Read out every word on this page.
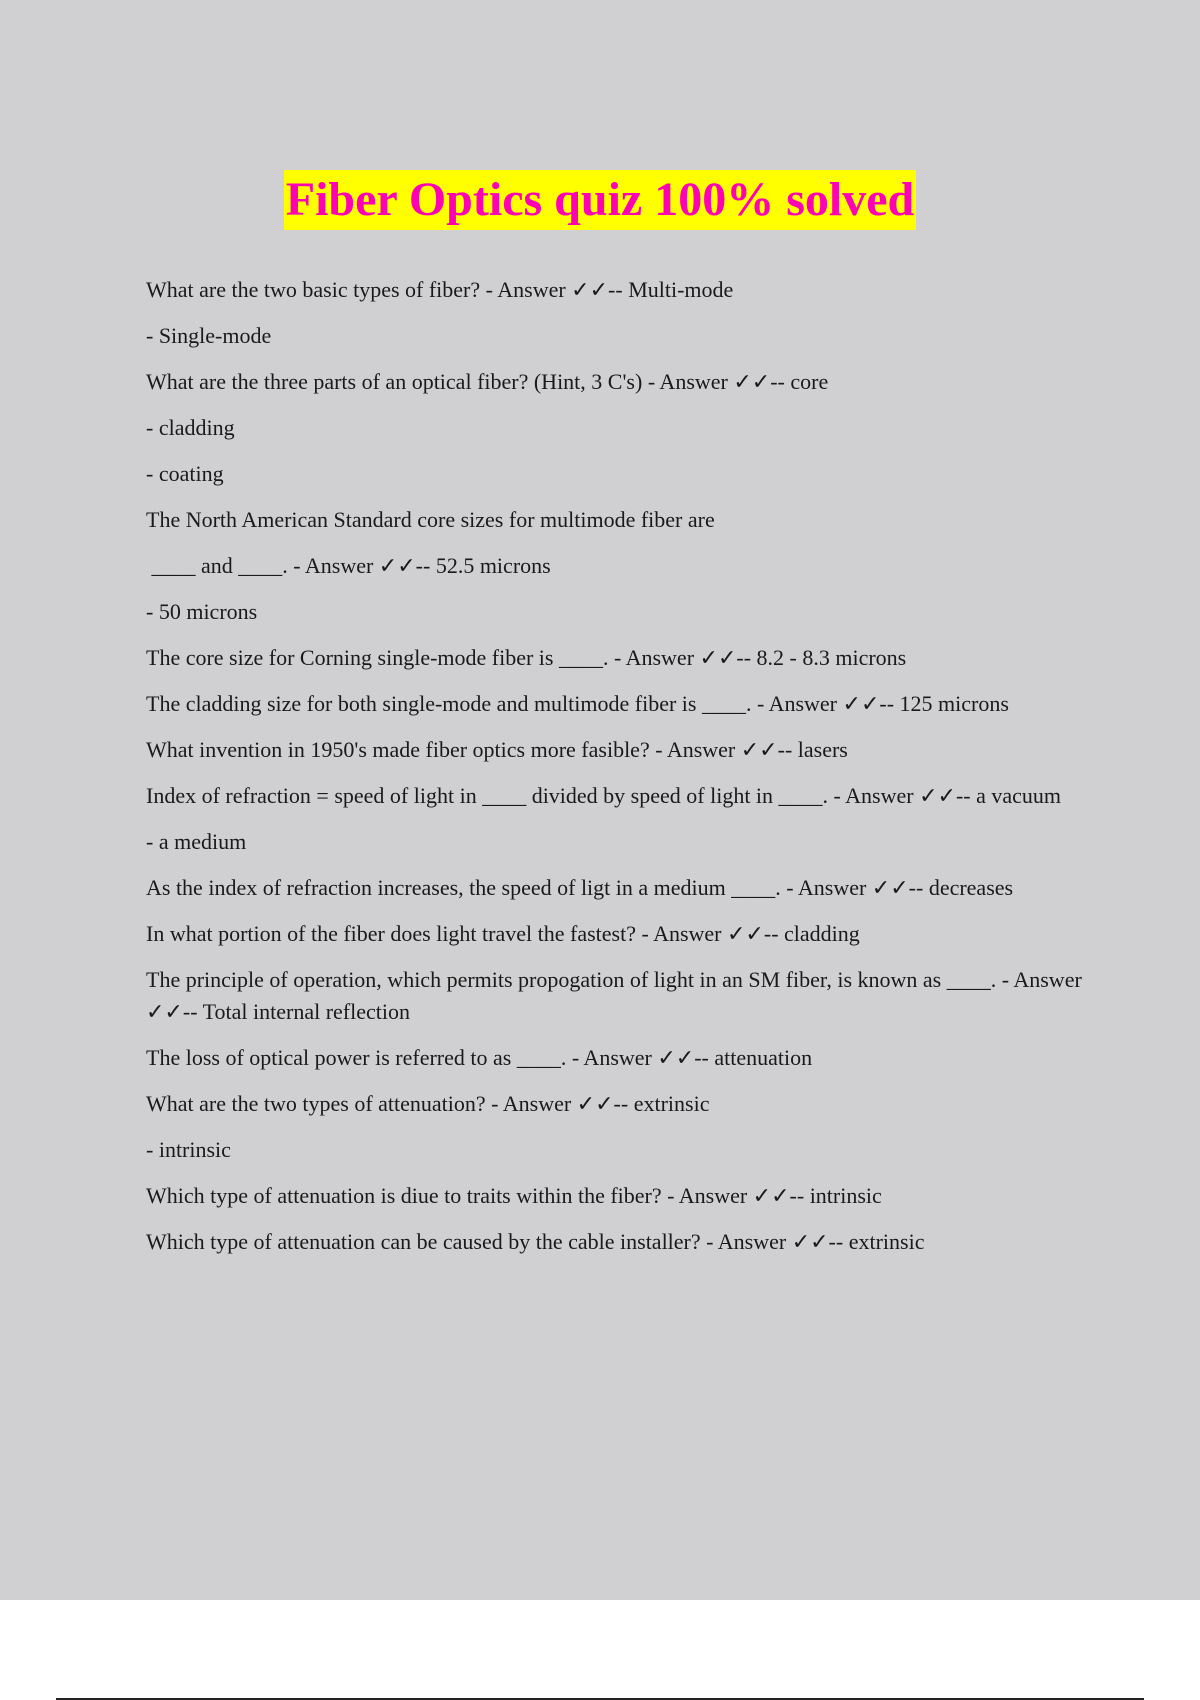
Fiber Optics quiz 100% solved
What are the two basic types of fiber? - Answer ✓✓-- Multi-mode
- Single-mode
What are the three parts of an optical fiber? (Hint, 3 C's) - Answer ✓✓-- core
- cladding
- coating
The North American Standard core sizes for multimode fiber are
____ and ____. - Answer ✓✓-- 52.5 microns
- 50 microns
The core size for Corning single-mode fiber is ____. - Answer ✓✓-- 8.2 - 8.3 microns
The cladding size for both single-mode and multimode fiber is ____. - Answer ✓✓-- 125 microns
What invention in 1950's made fiber optics more fasible? - Answer ✓✓-- lasers
Index of refraction = speed of light in ____ divided by speed of light in ____. - Answer ✓✓-- a vacuum
- a medium
As the index of refraction increases, the speed of ligt in a medium ____. - Answer ✓✓-- decreases
In what portion of the fiber does light travel the fastest? - Answer ✓✓-- cladding
The principle of operation, which permits propogation of light in an SM fiber, is known as ____. - Answer ✓✓-- Total internal reflection
The loss of optical power is referred to as ____. - Answer ✓✓-- attenuation
What are the two types of attenuation? - Answer ✓✓-- extrinsic
- intrinsic
Which type of attenuation is diue to traits within the fiber? - Answer ✓✓-- intrinsic
Which type of attenuation can be caused by the cable installer? - Answer ✓✓-- extrinsic
